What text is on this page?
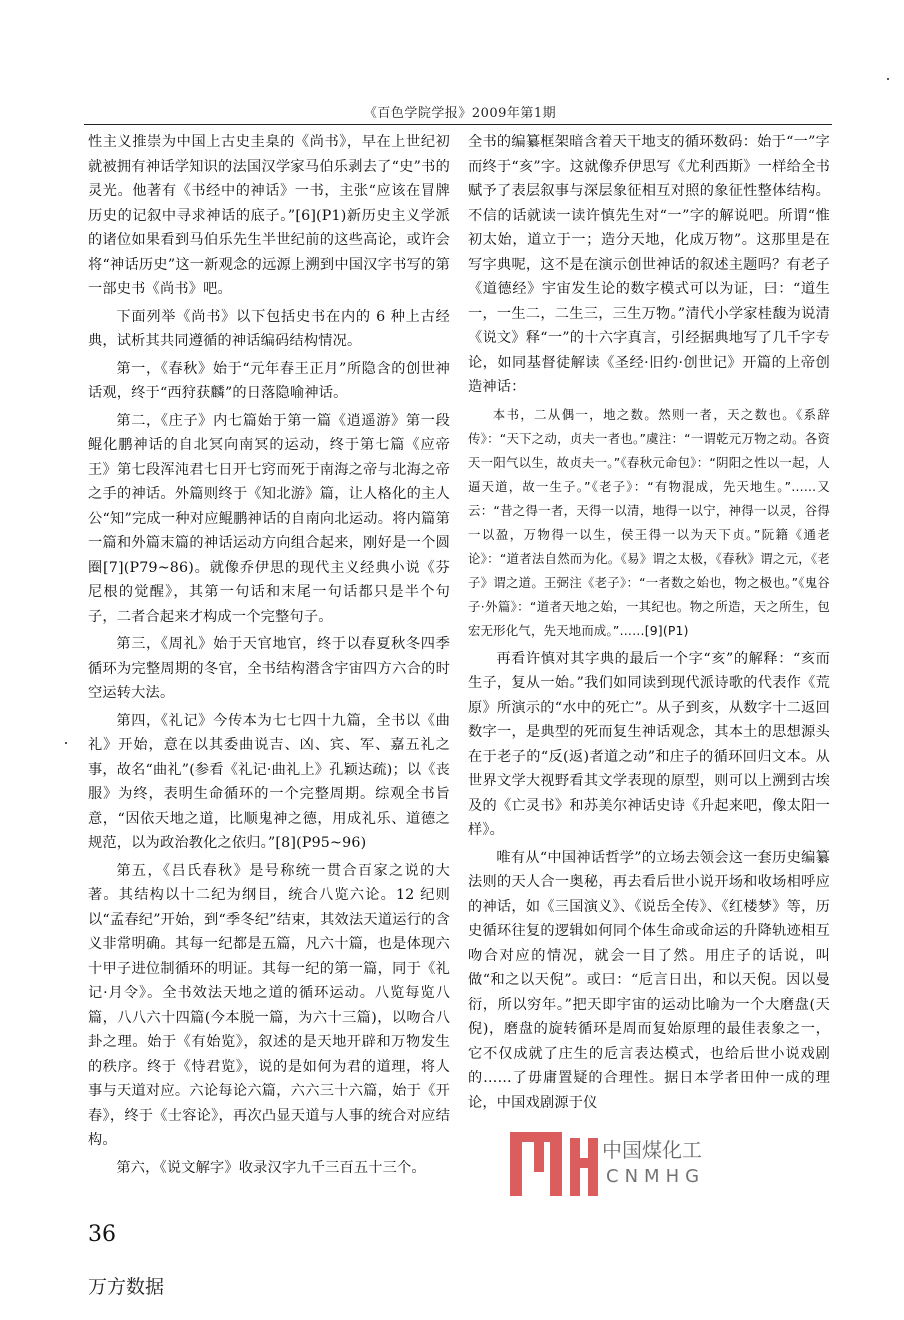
《百色学院学报》2009年第1期

性主义推崇为中国上古史圭臬的《尚书》，早在上世纪初就被拥有神话学知识的法国汉学家马伯乐剥去了“史”书的灵光。他著有《书经中的神话》一书，主张“应该在冒牌历史的记叙中寻求神话的底子。”[6](P1)新历史主义学派的诸位如果看到马伯乐先生半世纪前的这些高论，或许会将“神话历史”这一新观念的远源上溯到中国汉字书写的第一部史书《尚书》吧。

下面列举《尚书》以下包括史书在内的 6 种上古经典，试析其共同遵循的神话编码结构情况。

第一，《春秋》始于“元年春王正月”所隐含的创世神话观，终于“西狩获麟”的日落隐喻神话。

第二，《庄子》内七篇始于第一篇《逍遥游》第一段鲲化鹏神话的自北冥向南冥的运动，终于第七篇《应帝王》第七段浑沌君七日开七窍而死于南海之帝与北海之帝之手的神话。外篇则终于《知北游》篇，让人格化的主人公“知”完成一种对应鲲鹏神话的自南向北运动。将内篇第一篇和外篇末篇的神话运动方向组合起来，刚好是一个圆圈[7](P79~86)。就像乔伊思的现代主义经典小说《芬尼根的觉醒》，其第一句话和末尾一句话都只是半个句子，二者合起来才构成一个完整句子。

第三，《周礼》始于天官地官，终于以春夏秋冬四季循环为完整周期的冬官，全书结构潜含宇宙四方六合的时空运转大法。

第四，《礼记》今传本为七七四十九篇，全书以《曲礼》开始，意在以其委曲说吉、凶、宾、军、嘉五礼之事，故名“曲礼”(参看《礼记·曲礼上》孔颖达疏)；以《丧服》为终，表明生命循环的一个完整周期。综观全书旨意，“因依天地之道，比顺鬼神之德，用成礼乐、道德之规范，以为政治教化之依归。”[8](P95~96)

第五，《吕氏春秋》是号称统一贯合百家之说的大著。其结构以十二纪为纲目，统合八览六论。12 纪则以“孟春纪”开始，到“季冬纪”结束，其效法天道运行的含义非常明确。其每一纪都是五篇，凡六十篇，也是体现六十甲子进位制循环的明证。其每一纪的第一篇，同于《礼记·月令》。全书效法天地之道的循环运动。八览每览八篇，八八六十四篇(今本脱一篇，为六十三篇)，以吻合八卦之理。始于《有始览》，叙述的是天地开辟和万物发生的秩序。终于《恃君览》，说的是如何为君的道理，将人事与天道对应。六论每论六篇，六六三十六篇，始于《开春》，终于《士容论》，再次凸显天道与人事的统合对应结构。

第六，《说文解字》收录汉字九千三百五十三个。

全书的编纂框架暗含着天干地支的循环数码：始于“一”字而终于“亥”字。这就像乔伊思写《尤利西斯》一样给全书赋予了表层叙事与深层象征相互对照的象征性整体结构。不信的话就读一读许慎先生对“一”字的解说吧。所谓“惟初太始，道立于一；造分天地，化成万物”。这那里是在写字典呢，这不是在演示创世神话的叙述主题吗？有老子《道德经》宇宙发生论的数字模式可以为证，曰：“道生一，一生二，二生三，三生万物。”清代小学家桂馥为说清《说文》释“一”的十六字真言，引经据典地写了几千字专论，如同基督徒解读《圣经·旧约·创世记》开篇的上帝创造神话：

本书，二从偶一，地之数。然则一者，天之数也。《系辞传》：“天下之动，贞夫一者也。”虞注：“一谓乾元万物之动。各资天一阳气以生，故贞夫一。”《春秋元命包》：“阴阳之性以一起，人逼天道，故一生子。”《老子》：“有物混成，先天地生。”……又云：“昔之得一者，天得一以清，地得一以宁，神得一以灵，谷得一以盈，万物得一以生，侯王得一以为天下贞。”阮籍《通老论》：“道者法自然而为化。《易》谓之太极，《春秋》谓之元，《老子》谓之道。王弼注《老子》：“一者数之始也，物之极也。”《鬼谷子·外篇》：“道者天地之始，一其纪也。物之所造，天之所生，包宏无形化气，先天地而成。”……[9](P1)

再看许慎对其字典的最后一个字“亥”的解释：“亥而生子，复从一始。”我们如同读到现代派诗歌的代表作《荒原》所演示的“水中的死亡”。从子到亥，从数字十二返回数字一，是典型的死而复生神话观念，其本土的思想源头在于老子的“反(返)者道之动”和庄子的循环回归文本。从世界文学大视野看其文学表现的原型，则可以上溯到古埃及的《亡灵书》和苏美尔神话史诗《升起来吧，像太阳一样》。

唯有从“中国神话哲学”的立场去领会这一套历史编纂法则的天人合一奥秘，再去看后世小说开场和收场相呼应的神话，如《三国演义》、《说岳全传》、《红楼梦》等，历史循环往复的逻辑如何同个体生命或命运的升降轨迹相互吻合对应的情况，就会一目了然。用庄子的话说，叫做“和之以天倪”。或曰：“卮言日出，和以天倪。因以曼衍，所以穷年。”把天即宇宙的运动比喻为一个大磨盘(天倪)，磨盘的旋转循环是周而复始原理的最佳表象之一，它不仅成就了庄生的卮言表达模式，也给后世小说戏剧的……了毋庸置疑的合理性。据日本学者田仲一成的理论，中国戏剧源于仪

中国煤化工
CNMHG
36
万方数据
